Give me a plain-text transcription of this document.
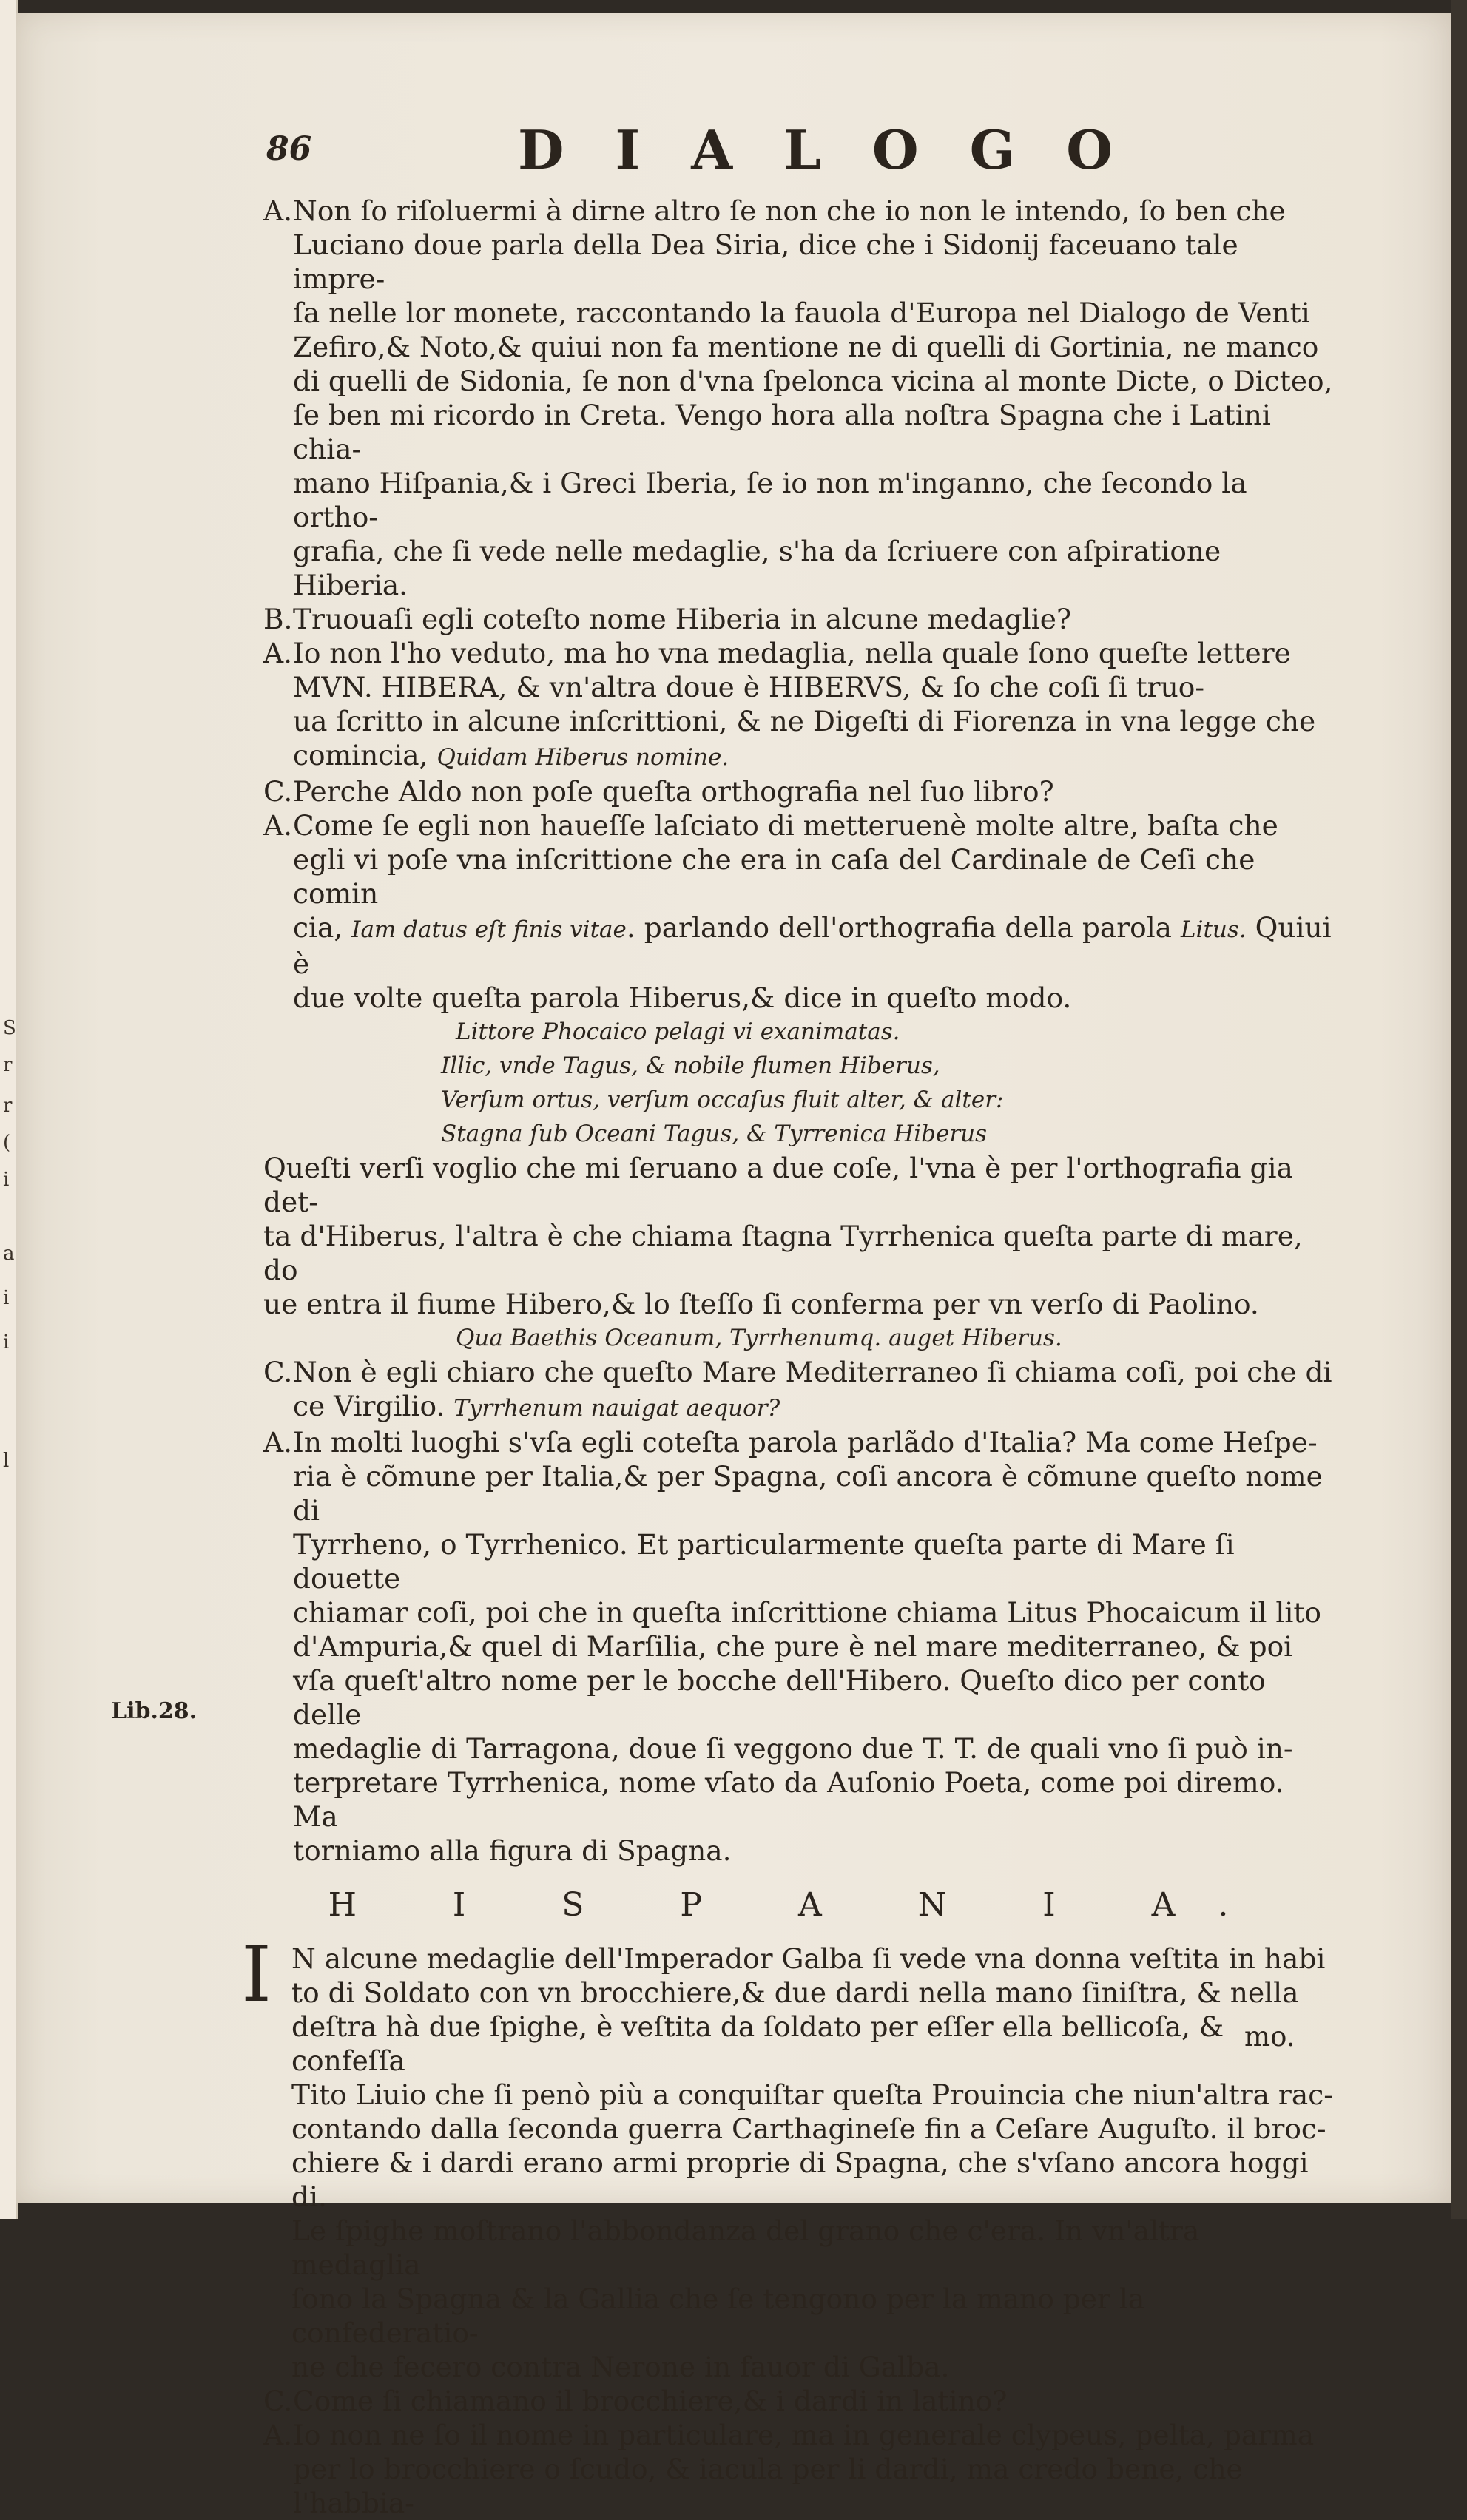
S
r
r
(
i
a
i
i
l
86	D I A L O G O
A. Non ſo riſoluermi à dirne altro ſe non che io non le intendo, ſo ben che
Luciano doue parla della Dea Siria, dice che i Sidonij faceuano tale impre-
ſa nelle lor monete, raccontando la fauola d'Europa nel Dialogo de Venti
Zefiro,& Noto,& quiui non fa mentione ne di quelli di Gortinia, ne manco
di quelli de Sidonia, ſe non d'vna ſpelonca vicina al monte Dicte, o Dicteo,
ſe ben mi ricordo in Creta. Vengo hora alla noſtra Spagna che i Latini chia-
mano Hiſpania,& i Greci Iberia, ſe io non m'inganno, che ſecondo la ortho-
grafia, che ſi vede nelle medaglie, s'ha da ſcriuere con aſpiratione Hiberia.
B. Truouaſi egli coteſto nome Hiberia in alcune medaglie?
A. Io non l'ho veduto, ma ho vna medaglia, nella quale ſono queſte lettere
MVN. HIBERA, & vn'altra doue è HIBERVS, & ſo che coſi ſi truo-
ua ſcritto in alcune inſcrittioni, & ne Digeſti di Fiorenza in vna legge che
comincia, Quidam Hiberus nomine.
C. Perche Aldo non poſe queſta orthografia nel ſuo libro?
A. Come ſe egli non haueſſe laſciato di metteruenè molte altre, baſta che
egli vi poſe vna inſcrittione che era in caſa del Cardinale de Ceſi che comin
cia, Iam datus eſt finis vitae. parlando dell'orthografia della parola Litus. Quiui è
due volte queſta parola Hiberus,& dice in queſto modo.
Littore Phocaico pelagi vi exanimatas.
Illic, vnde Tagus, & nobile flumen Hiberus,
Verſum ortus, verſum occaſus fluit alter, & alter:
Stagna ſub Oceani Tagus, & Tyrrenica Hiberus
Queſti verſi voglio che mi ſeruano a due coſe, l'vna è per l'orthografia gia det-
ta d'Hiberus, l'altra è che chiama ſtagna Tyrrhenica queſta parte di mare, do
ue entra il fiume Hibero,& lo ſteſſo ſi conferma per vn verſo di Paolino.
Qua Baethis Oceanum, Tyrrhenumq. auget Hiberus.
C. Non è egli chiaro che queſto Mare Mediterraneo ſi chiama coſi, poi che di
ce Virgilio. Tyrrhenum nauigat aequor?
A. In molti luoghi s'vſa egli coteſta parola parlãdo d'Italia? Ma come Heſpe-
ria è cõmune per Italia,& per Spagna, coſi ancora è cõmune queſto nome di
Tyrrheno, o Tyrrhenico. Et particularmente queſta parte di Mare ſi douette
chiamar coſi, poi che in queſta inſcrittione chiama Litus Phocaicum il lito
d'Ampuria,& quel di Marſilia, che pure è nel mare mediterraneo, & poi
vſa queſt'altro nome per le bocche dell'Hibero. Queſto dico per conto delle
medaglie di Tarragona, doue ſi veggono due T. T. de quali vno ſi può in-
terpretare Tyrrhenica, nome vſato da Auſonio Poeta, come poi diremo. Ma
torniamo alla figura di Spagna.
H I S P A N I A.
I N alcune medaglie dell'Imperador Galba ſi vede vna donna veſtita in habi
to di Soldato con vn brocchiere,& due dardi nella mano ſiniſtra, & nella
deſtra hà due ſpighe, è veſtita da ſoldato per eſſer ella bellicoſa, & confeſſa
Tito Liuio che ſi penò più a conquiſtar queſta Prouincia che niun'altra rac-
contando dalla ſeconda guerra Carthagineſe fin a Ceſare Auguſto. il broc-
chiere & i dardi erano armi proprie di Spagna, che s'vſano ancora hoggi di.
Le ſpighe moſtrano l'abbondanza del grano che c'era. In vn'altra medaglia
ſono la Spagna & la Gallia che ſe tengono per la mano per la confederatio-
ne che fecero contra Nerone in fauor di Galba.
C. Come ſi chiamano il brocchiere,& i dardi in latino?
A. Io non ne ſo il nome in particulare, ma in generale clypeus, pelta, parma
per lo brocchiere o ſcudo, & iacula per li dardi, ma credo bene, che l'habbia-
Lib.28.
mo.
